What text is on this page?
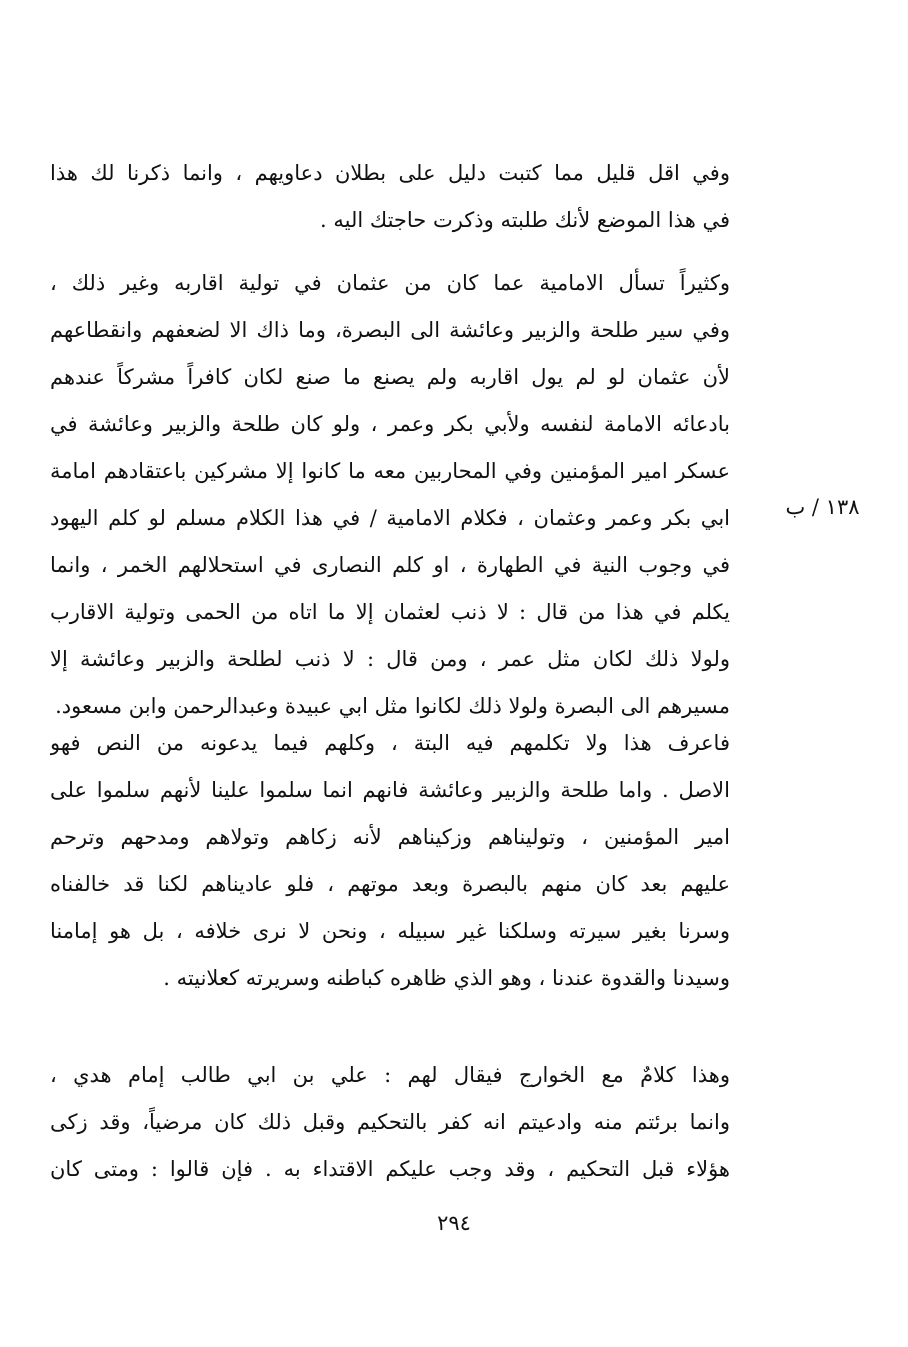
وفي اقل قليل مما كتبت دليل على بطلان دعاويهم ، وانما ذكرنا لك هذا
في هذا الموضع لأنك طلبته وذكرت حاجتك اليه .
وكثيراً تسأل الامامية عما كان من عثمان في تولية اقاربه وغير ذلك ،
وفي سير طلحة والزبير وعائشة الى البصرة، وما ذاك الا لضعفهم وانقطاعهم
لأن عثمان لو لم يول اقاربه ولم يصنع ما صنع لكان كافراً مشركاً عندهم
بادعائه الامامة لنفسه ولأبي بكر وعمر ، ولو كان طلحة والزبير وعائشة في
عسكر امير المؤمنين وفي المحاربين معه ما كانوا إلا مشركين باعتقادهم امامة
ابي بكر وعمر وعثمان ، فكلام الامامية / في هذا الكلام مسلم لو كلم اليهود
في وجوب النية في الطهارة ، او كلم النصارى في استحلالهم الخمر ، وانما
يكلم في هذا من قال : لا ذنب لعثمان إلا ما اتاه من الحمى وتولية الاقارب
ولولا ذلك لكان مثل عمر ، ومن قال : لا ذنب لطلحة والزبير وعائشة إلا
مسيرهم الى البصرة ولولا ذلك لكانوا مثل ابي عبيدة وعبدالرحمن وابن مسعود.
فاعرف هذا ولا تكلمهم فيه البتة ، وكلهم فيما يدعونه من النص فهو
الاصل . واما طلحة والزبير وعائشة فانهم انما سلموا علينا لأنهم سلموا على
امير المؤمنين ، وتوليناهم وزكيناهم لأنه زكاهم وتولاهم ومدحهم وترحم
عليهم بعد كان منهم بالبصرة وبعد موتهم ، فلو عاديناهم لكنا قد خالفناه
وسرنا بغير سيرته وسلكنا غير سبيله ، ونحن لا نرى خلافه ، بل هو إمامنا
وسيدنا والقدوة عندنا ، وهو الذي ظاهره كباطنه وسريرته كعلانيته .
وهذا كلامٌ مع الخوارج فيقال لهم : علي بن ابي طالب إمام هدي ،
وانما برئتم منه وادعيتم انه كفر بالتحكيم وقبل ذلك كان مرضياً، وقد زكى
هؤلاء قبل التحكيم ، وقد وجب عليكم الاقتداء به . فإن قالوا : ومتى كان
١٣٨ / ب
٢٩٤
